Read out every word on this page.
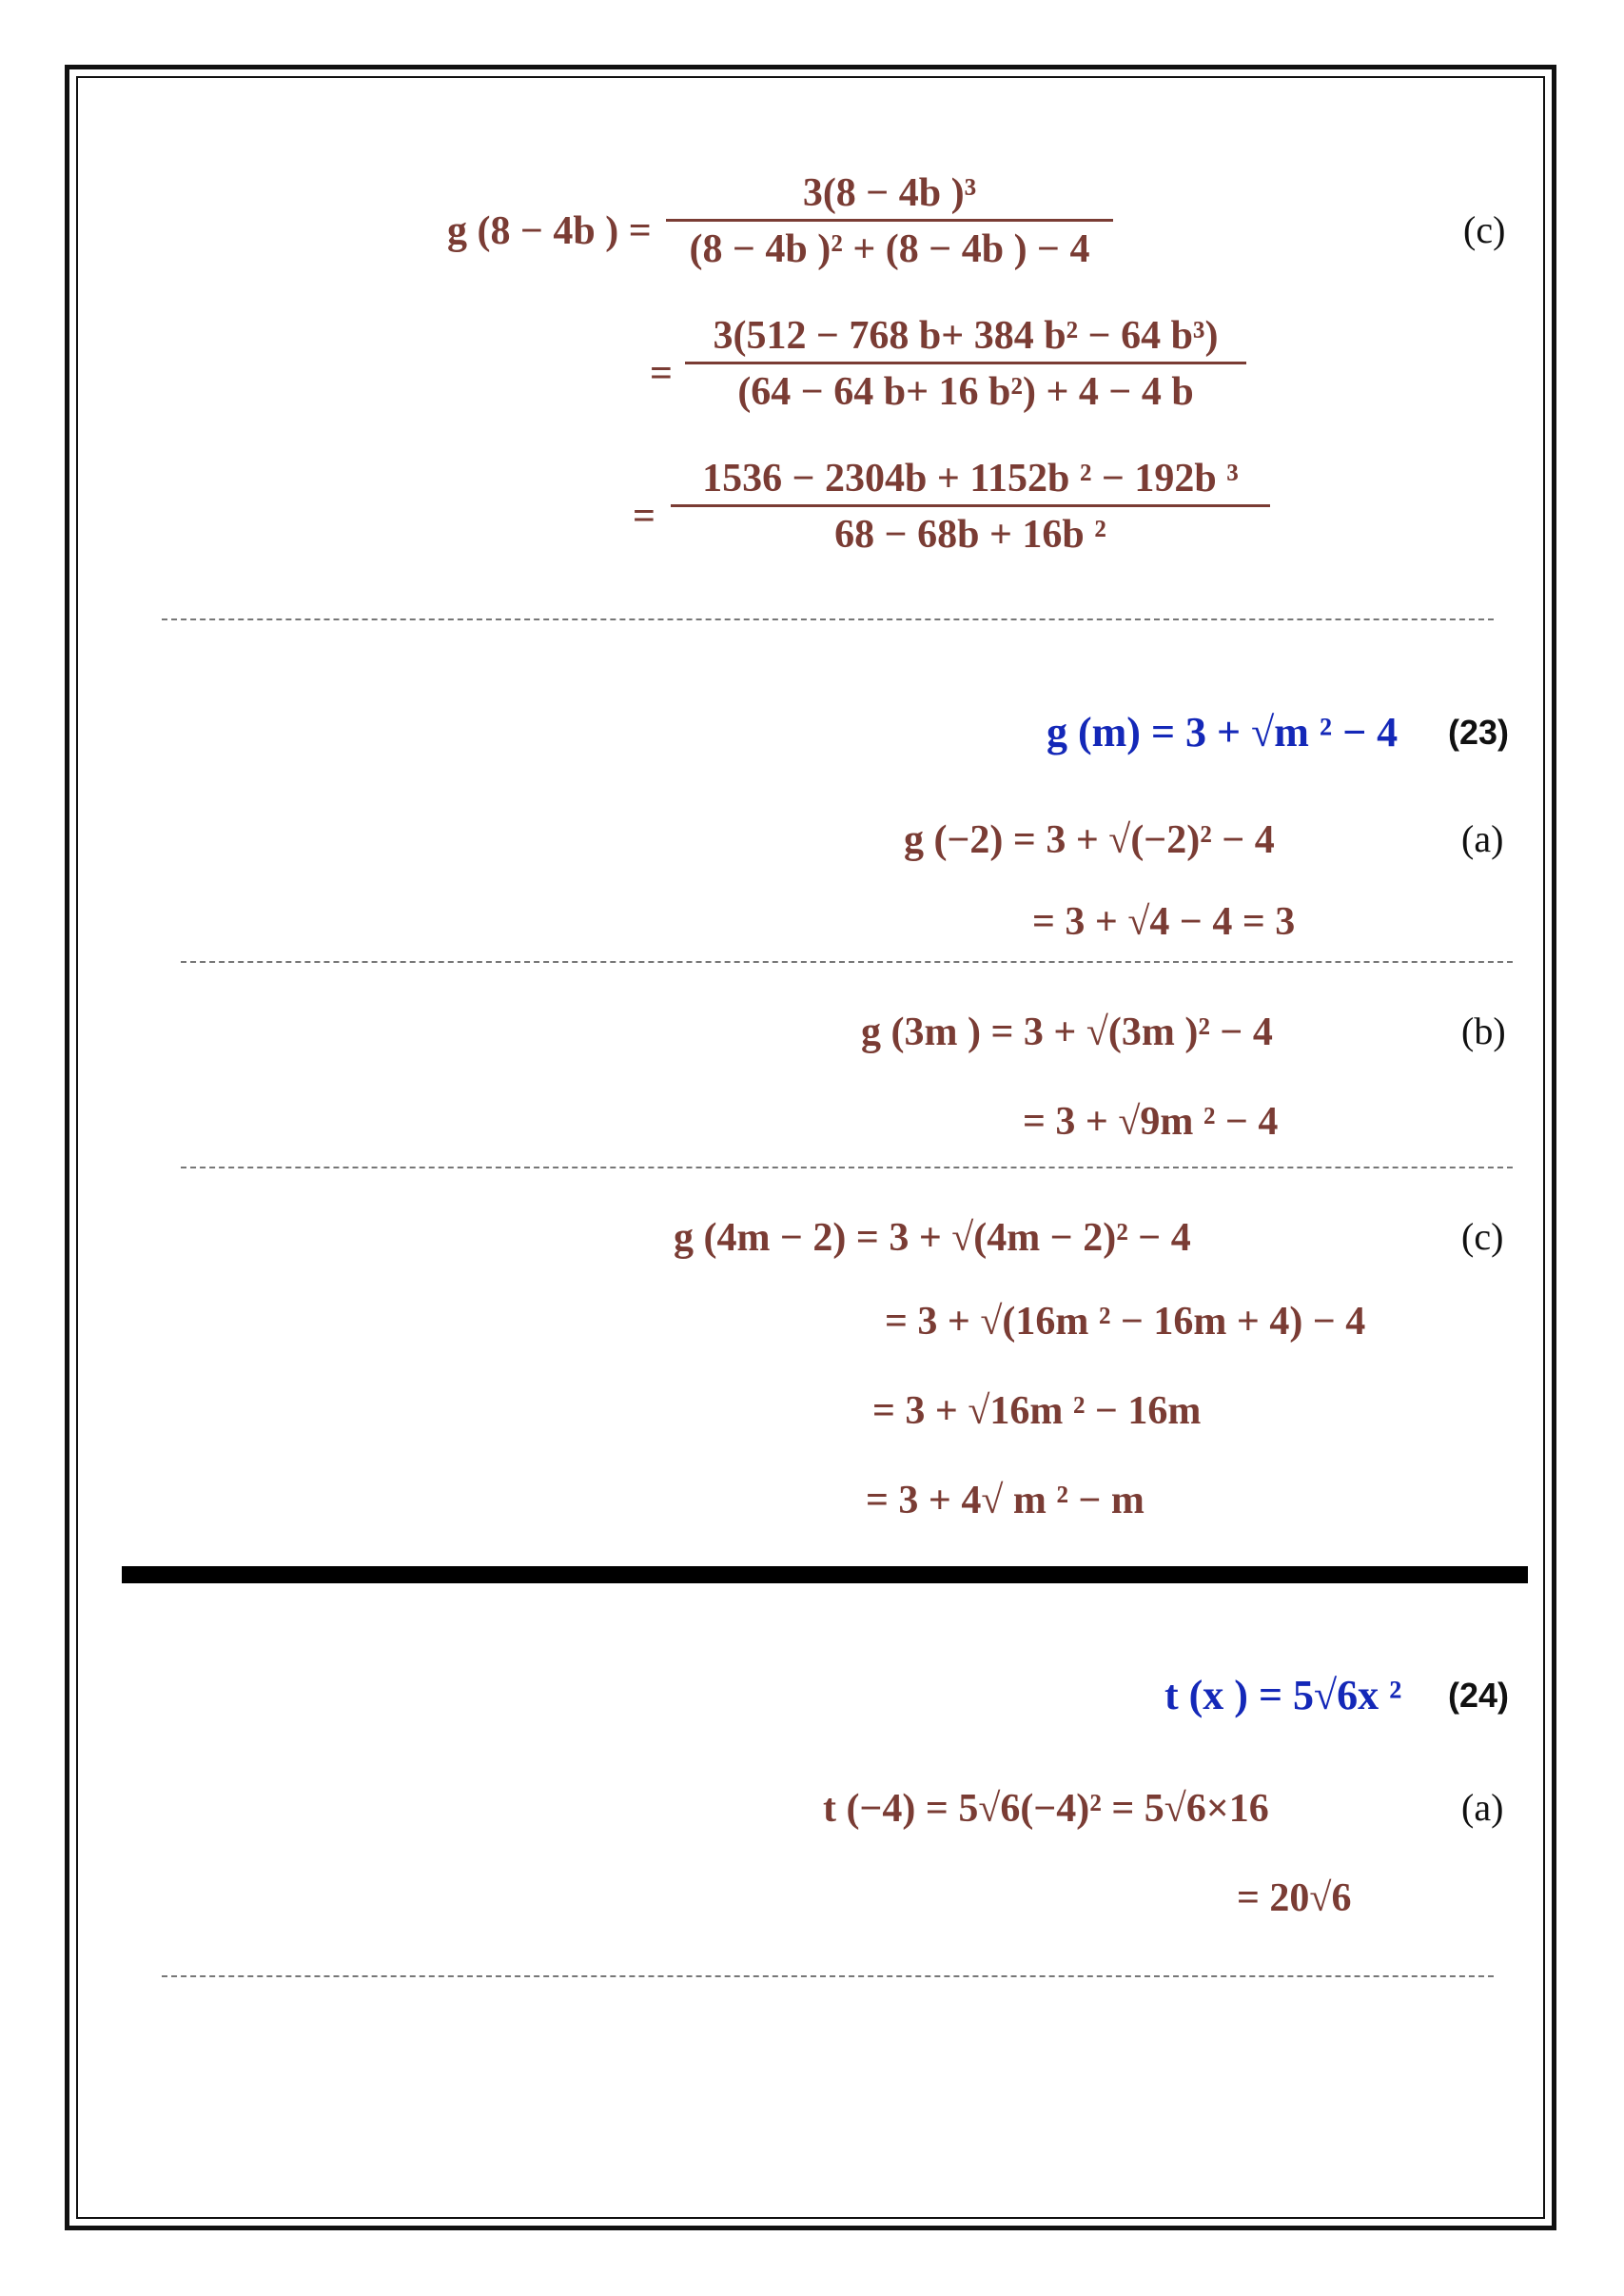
g (8 − 4b ) =
3(8 − 4b )³
(8 − 4b )² + (8 − 4b ) − 4	(c)
=
3(512 − 768 b+ 384 b² − 64 b³)
(64 − 64 b+ 16 b²) + 4 − 4 b
=
1536 − 2304b + 1152b ² − 192b ³
68 − 68b + 16b ²
g (m) = 3 + √m ² − 4 (23)
g (−2) = 3 + √(−2)² − 4	(a)
= 3 + √4 − 4 = 3
g (3m ) = 3 + √(3m )² − 4	(b)
= 3 + √9m ² − 4
g (4m − 2) = 3 + √(4m − 2)² − 4	(c)
= 3 + √(16m ² − 16m + 4) − 4
= 3 + √16m ² − 16m
= 3 + 4√ m ² − m
t (x ) = 5√6x ² (24)
t (−4) = 5√6(−4)² = 5√6×16	(a)
= 20√6
